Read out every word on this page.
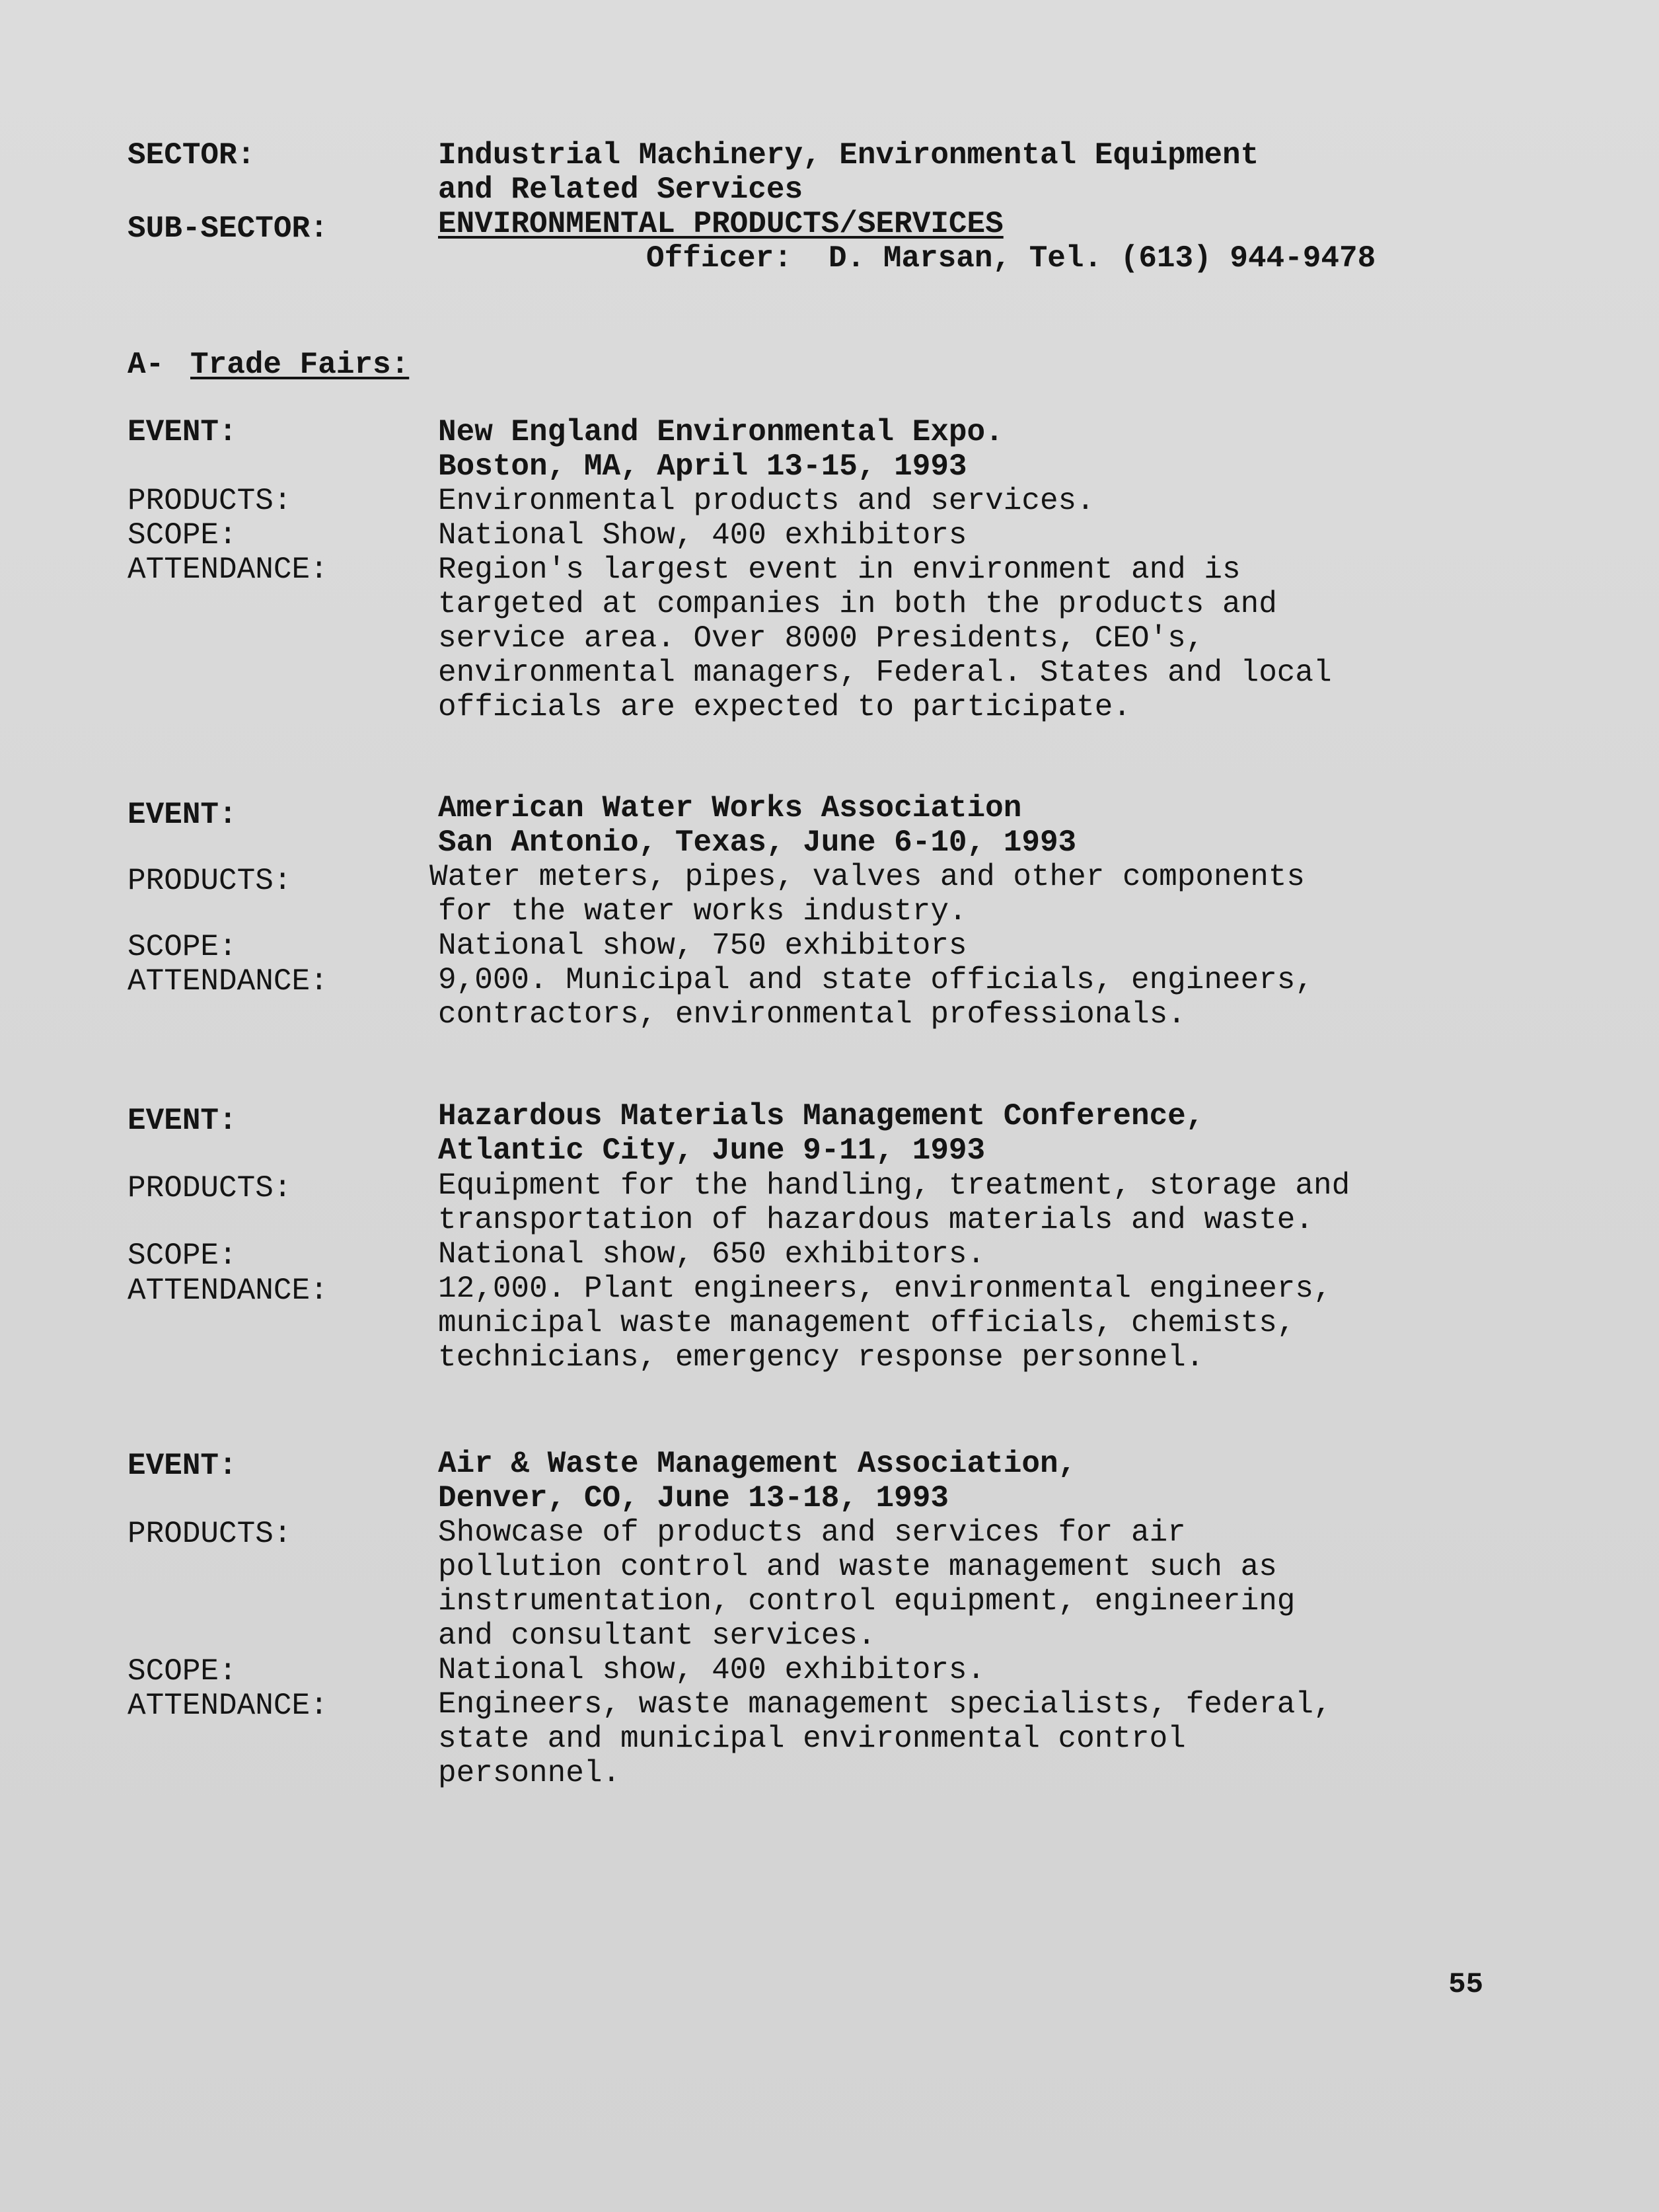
SECTOR:	Industrial Machinery, Environmental Equipment
and Related Services
SUB-SECTOR:	ENVIRONMENTAL PRODUCTS/SERVICES
Officer:  D. Marsan, Tel. (613) 944-9478
A- Trade Fairs:
EVENT:	New England Environmental Expo.
Boston, MA, April 13-15, 1993
PRODUCTS:	Environmental products and services.
SCOPE:	National Show, 400 exhibitors
ATTENDANCE:	Region's largest event in environment and is
targeted at companies in both the products and
service area. Over 8000 Presidents, CEO's,
environmental managers, Federal. States and local
officials are expected to participate.
EVENT:	American Water Works Association
San Antonio, Texas, June 6-10, 1993
PRODUCTS:	Water meters, pipes, valves and other components
for the water works industry.
SCOPE:	National show, 750 exhibitors
ATTENDANCE:	9,000. Municipal and state officials, engineers,
contractors, environmental professionals.
EVENT:	Hazardous Materials Management Conference,
Atlantic City, June 9-11, 1993
PRODUCTS:	Equipment for the handling, treatment, storage and
transportation of hazardous materials and waste.
SCOPE:	National show, 650 exhibitors.
ATTENDANCE:	12,000. Plant engineers, environmental engineers,
municipal waste management officials, chemists,
technicians, emergency response personnel.
EVENT:	Air & Waste Management Association,
Denver, CO, June 13-18, 1993
PRODUCTS:	Showcase of products and services for air
pollution control and waste management such as
instrumentation, control equipment, engineering
and consultant services.
SCOPE:	National show, 400 exhibitors.
ATTENDANCE:	Engineers, waste management specialists, federal,
state and municipal environmental control
personnel.
55
